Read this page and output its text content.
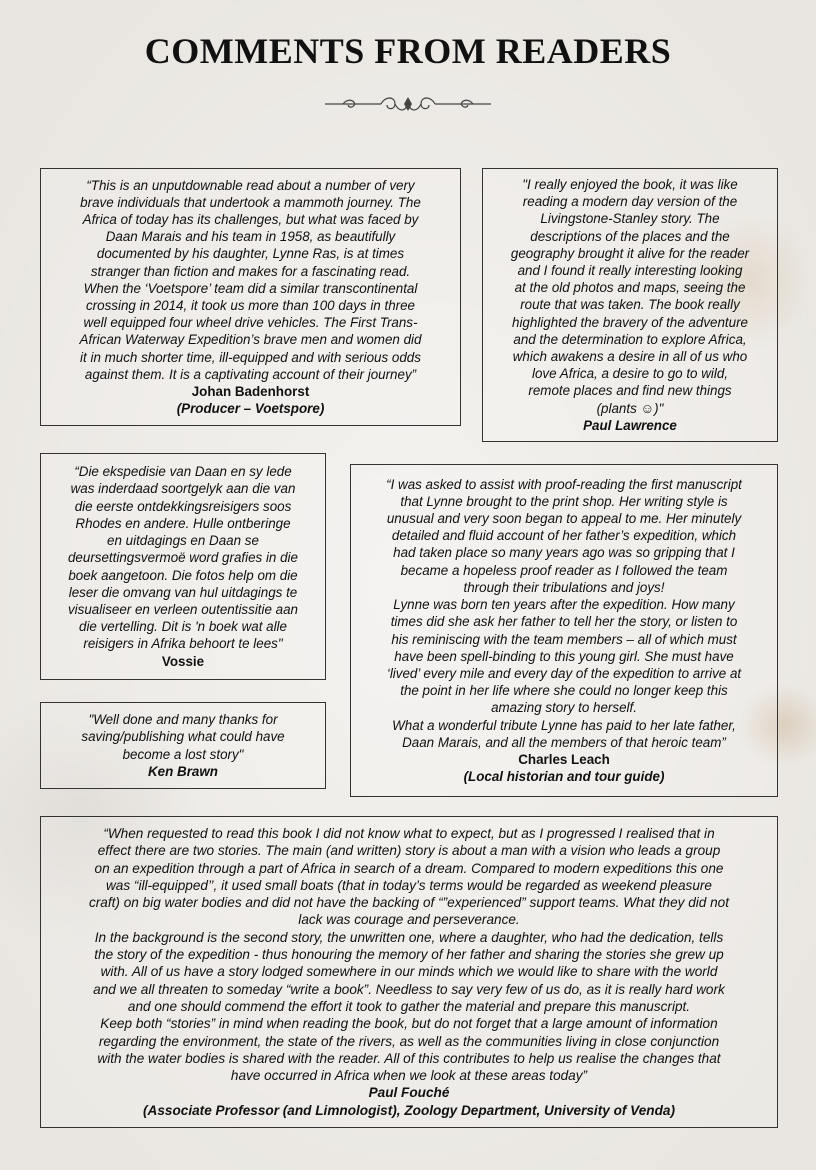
COMMENTS FROM READERS
“This is an unputdownable read about a number of very
brave individuals that undertook a mammoth journey. The
Africa of today has its challenges, but what was faced by
Daan Marais and his team in 1958, as beautifully
documented by his daughter, Lynne Ras, is at times
stranger than fiction and makes for a fascinating read.
When the ‘Voetspore’ team did a similar transcontinental
crossing in 2014, it took us more than 100 days in three
well equipped four wheel drive vehicles. The First Trans-
African Waterway Expedition’s brave men and women did
it in much shorter time, ill-equipped and with serious odds
against them. It is a captivating account of their journey”
Johan Badenhorst
(Producer – Voetspore)
"I really enjoyed the book, it was like
reading a modern day version of the
Livingstone-Stanley story. The
descriptions of the places and the
geography brought it alive for the reader
and I found it really interesting looking
at the old photos and maps, seeing the
route that was taken. The book really
highlighted the bravery of the adventure
and the determination to explore Africa,
which awakens a desire in all of us who
love Africa, a desire to go to wild,
remote places and find new things
(plants ☺)"
Paul Lawrence
“Die ekspedisie van Daan en sy lede
was inderdaad soortgelyk aan die van
die eerste ontdekkingsreisigers soos
Rhodes en andere. Hulle ontberinge
en uitdagings en Daan se
deursettingsvermoë word grafies in die
boek aangetoon. Die fotos help om die
leser die omvang van hul uitdagings te
visualiseer en verleen outentissitie aan
die vertelling. Dit is 'n boek wat alle
reisigers in Afrika behoort te lees"
Vossie
“I was asked to assist with proof-reading the first manuscript
that Lynne brought to the print shop. Her writing style is
unusual and very soon began to appeal to me. Her minutely
detailed and fluid account of her father’s expedition, which
had taken place so many years ago was so gripping that I
became a hopeless proof reader as I followed the team
through their tribulations and joys!
Lynne was born ten years after the expedition. How many
times did she ask her father to tell her the story, or listen to
his reminiscing with the team members – all of which must
have been spell-binding to this young girl. She must have
‘lived’ every mile and every day of the expedition to arrive at
the point in her life where she could no longer keep this
amazing story to herself.
What a wonderful tribute Lynne has paid to her late father,
Daan Marais, and all the members of that heroic team”
Charles Leach
(Local historian and tour guide)
"Well done and many thanks for
saving/publishing what could have
become a lost story"
Ken Brawn
“When requested to read this book I did not know what to expect, but as I progressed I realised that in
effect there are two stories. The main (and written) story is about a man with a vision who leads a group
on an expedition through a part of Africa in search of a dream. Compared to modern expeditions this one
was “ill-equipped’’, it used small boats (that in today’s terms would be regarded as weekend pleasure
craft) on big water bodies and did not have the backing of “”experienced” support teams. What they did not
lack was courage and perseverance.
In the background is the second story, the unwritten one, where a daughter, who had the dedication, tells
the story of the expedition - thus honouring the memory of her father and sharing the stories she grew up
with. All of us have a story lodged somewhere in our minds which we would like to share with the world
and we all threaten to someday “write a book”. Needless to say very few of us do, as it is really hard work
and one should commend the effort it took to gather the material and prepare this manuscript.
Keep both “stories” in mind when reading the book, but do not forget that a large amount of information
regarding the environment, the state of the rivers, as well as the communities living in close conjunction
with the water bodies is shared with the reader. All of this contributes to help us realise the changes that
have occurred in Africa when we look at these areas today”
Paul Fouché
(Associate Professor (and Limnologist), Zoology Department, University of Venda)
